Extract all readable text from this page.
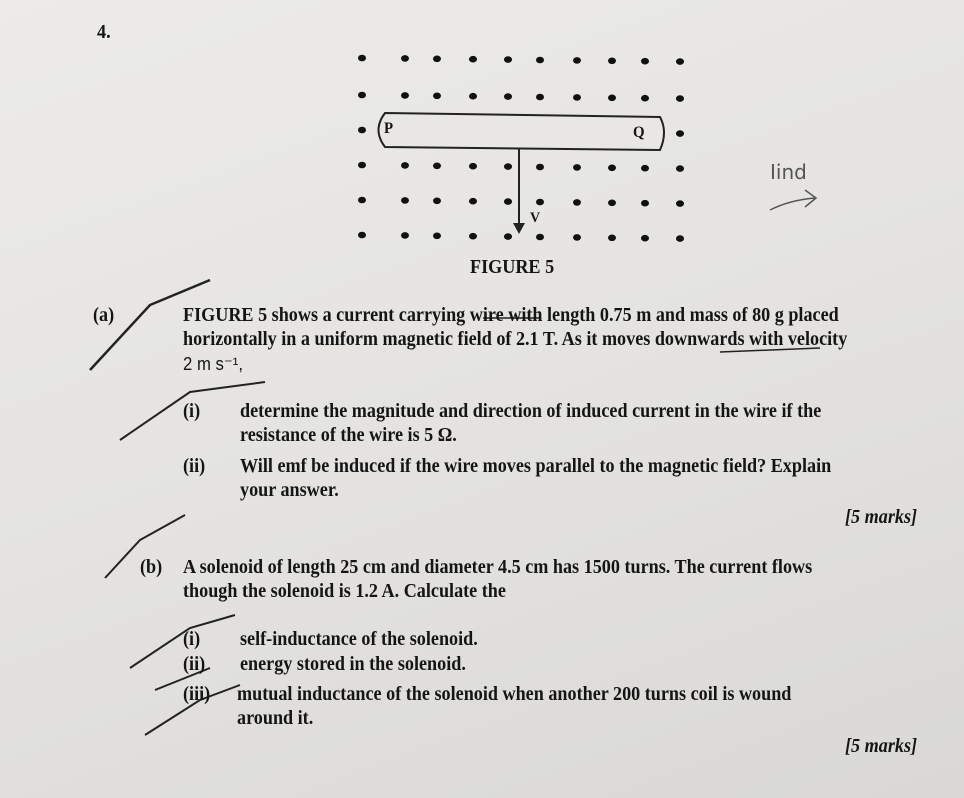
4.
P	Q
V
FIGURE 5
Iind
(a)	FIGURE 5 shows a current carrying wire with length 0.75 m and mass of 80 g placed
horizontally in a uniform magnetic field of 2.1 T. As it moves downwards with velocity
2 m s⁻¹,
(i) determine the magnitude and direction of induced current in the wire if the
resistance of the wire is 5 Ω.
(ii) Will emf be induced if the wire moves parallel to the magnetic field? Explain
your answer.
[5 marks]
(b) A solenoid of length 25 cm and diameter 4.5 cm has 1500 turns. The current flows
though the solenoid is 1.2 A. Calculate the
(i) self-inductance of the solenoid.
(ii) energy stored in the solenoid.
(iii) mutual inductance of the solenoid when another 200 turns coil is wound
around it.
[5 marks]
